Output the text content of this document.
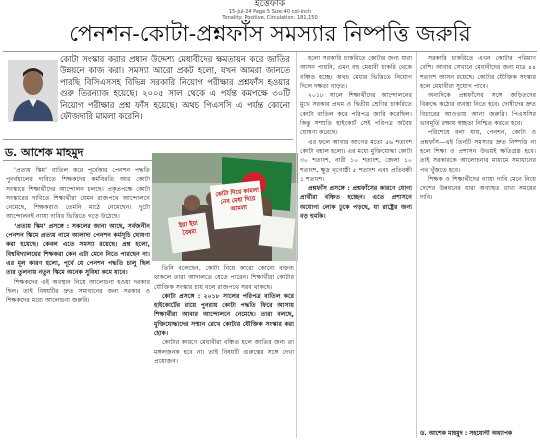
ইত্তেফাক
15-Jul-24 Page:5 Size:40 col-inch
Tonality: Positive, Circulation: 181,150
পেনশন-কোটা-প্রশ্নফাঁস সমস্যার নিষ্পত্তি জরুরি
কোটা সংস্কার করার প্রধান উদ্দেশ্য মেধাবীদের ক্ষমতায়ন করে জাতির উন্নয়নে কাজ করা। সমস্যা আরো প্রকট হলো, যখন আমরা জানতে পারছি বিসিএসসহ বিভিন্ন সরকারি নিয়োগ পরীক্ষার প্রশ্নফাঁস হওয়ার গুরু তিরন্যাজ হয়েছে। ২০০৫ সাল থেকে এ পর্যন্ত কমপক্ষে ৩০টি নিয়োগ পরীক্ষার প্রশ্ন ফাঁস হয়েছে। অথচ পিএসসি এ পর্যন্ত কোনো ফৌজদারি মামলা করেনি।
ড. আশেক মাহমুদ

‘প্রত্যয় স্কিম’ বাতিল করে পূর্বেকার পেনশন পদ্ধতি পুনর্বহালের দাবিতে শিক্ষকদের কর্মবিরতি আর কোটা সংস্কারে শিক্ষার্থীদের আন্দোলন চলছে। প্রকৃতপক্ষে কোটা সংস্কারের দাবিতে শিক্ষার্থীরা যেমন রাজপথে আন্দোলনে নেমেছে, শিক্ষকরাও তেমনি মাঠে নেমেছেন। দুটো আন্দোলনই ন্যায্য দাবির ভিত্তিতে গড়ে উঠেছে।

‘প্রত্যয় স্কিম’ প্রসঙ্গে : সকলের জানা আছে, সর্বজনীন পেনশন স্কিমে প্রত্যয় নামে আলাদা পেনশন কর্মসূচি ঘোষণা করা হয়েছে। কেবল এতে সমস্যা রয়েছে। প্রশ্ন হলো, বিশ্ববিদ্যালয়ের শিক্ষকরা কেন এটা মেনে নিতে পারছেন না। এর মূল কারণ হলো, পূর্বে যে পেনশন পদ্ধতি চালু ছিল তার তুলনায় নতুন স্কিমে অনেক সুবিধা কমে যাবে।

শিক্ষকদের এই অবস্থান নিয়ে আলোচনা হওয়া দরকার ছিল। তাই বিষয়টির দ্রুত সমাধানের জন্য সরকার ও শিক্ষকদের মধ্যে আলোচনা জরুরি।

কোটা দিয়ে কামলা নেব মেধা দিয়ে আমলা
ইয়া ইয়া বৈষম্য

তিনি বলেছেন, কোটা নিয়ে কারো কোনো বক্তব্য থাকলে তারা আদালতে যেতে পারেন। শিক্ষার্থীরা কোটার যৌক্তিক সংস্কার চায় বলে রাজপথে সরব থাকছে।

কোটা প্রসঙ্গে : ২০১৮ সালের পরিপত্র বাতিল করে হাইকোর্টের রায়ে পুনরায় কোটা পদ্ধতি ফিরে আসায় শিক্ষার্থীরা আবার আন্দোলনে নেমেছে। তারা বলছে, মুক্তিযোদ্ধাদের সম্মান রেখে কোটার যৌক্তিক সংস্কার করা হোক।

কোটার কারণে মেধাবীরা বঞ্চিত হলে জাতির জন্য তা মঙ্গলজনক হবে না। তাই বিষয়টি গুরুত্বের সঙ্গে দেখা প্রয়োজন।

হলো সরকারি চাকরিতে কোটার জন্য যারা আসন পায়নি, এমন বহু মেধাবী চাকরি থেকে বঞ্চিত হচ্ছে। অথচ মেধার ভিত্তিতে নিয়োগ দিলে দক্ষতা বাড়ত।

২০১৮ সালে শিক্ষার্থীদের আন্দোলনের মুখে সরকার প্রথম ও দ্বিতীয় শ্রেণির চাকরিতে কোটা বাতিল করে পরিপত্র জারি করেছিল। কিন্তু সম্প্রতি হাইকোর্ট সেই পরিপত্র অবৈধ ঘোষণা করেছে।

এর ফলে আবার আগের মতো ৫৬ শতাংশ কোটা বহাল হলো। এর মধ্যে মুক্তিযোদ্ধা কোটা ৩০ শতাংশ, নারী ১০ শতাংশ, জেলা ১০ শতাংশ, ক্ষুদ্র নৃগোষ্ঠী ৫ শতাংশ এবং প্রতিবন্ধী ১ শতাংশ।

প্রশ্নফাঁস প্রসঙ্গে : প্রশ্নফাঁসের কারণে যোগ্য প্রার্থীরা বঞ্চিত হচ্ছেন। এতে প্রশাসনে অযোগ্য লোক ঢুকে পড়ছে, যা রাষ্ট্রের জন্য বড় হুমকি।

সরকারি চাকরিতে এখন কোটার পরিমাণ বেশি। আবার সেখানে মেধাবীদের জন্য মাত্র ৪৪ শতাংশ আসন রয়েছে। কোটার যৌক্তিক সংস্কার হলে মেধাবীরা সুযোগ পাবে।

অন্যদিকে প্রশ্নফাঁসের সঙ্গে জড়িতদের বিরুদ্ধে কঠোর ব্যবস্থা নিতে হবে। দোষীদের দ্রুত বিচারের আওতায় আনা জরুরি। পিএসসির ভাবমূর্তি রক্ষায় স্বচ্ছতা নিশ্চিত করতে হবে।

পরিশেষে বলা যায়, পেনশন, কোটা ও প্রশ্নফাঁস—এই তিনটি সমস্যার দ্রুত নিষ্পত্তি না হলে শিক্ষা ও প্রশাসন উভয়ই ক্ষতিগ্রস্ত হবে। তাই সরকারকে আলোচনার মাধ্যমে সমাধানের পথ খুঁজতে হবে।

শিক্ষক ও শিক্ষার্থীদের ন্যায্য দাবি মেনে নিয়ে দেশের উন্নয়নের ধারা অব্যাহত রাখা সময়ের দাবি।

ড. আশেক মাহমুদ : সহযোগী অধ্যাপক
